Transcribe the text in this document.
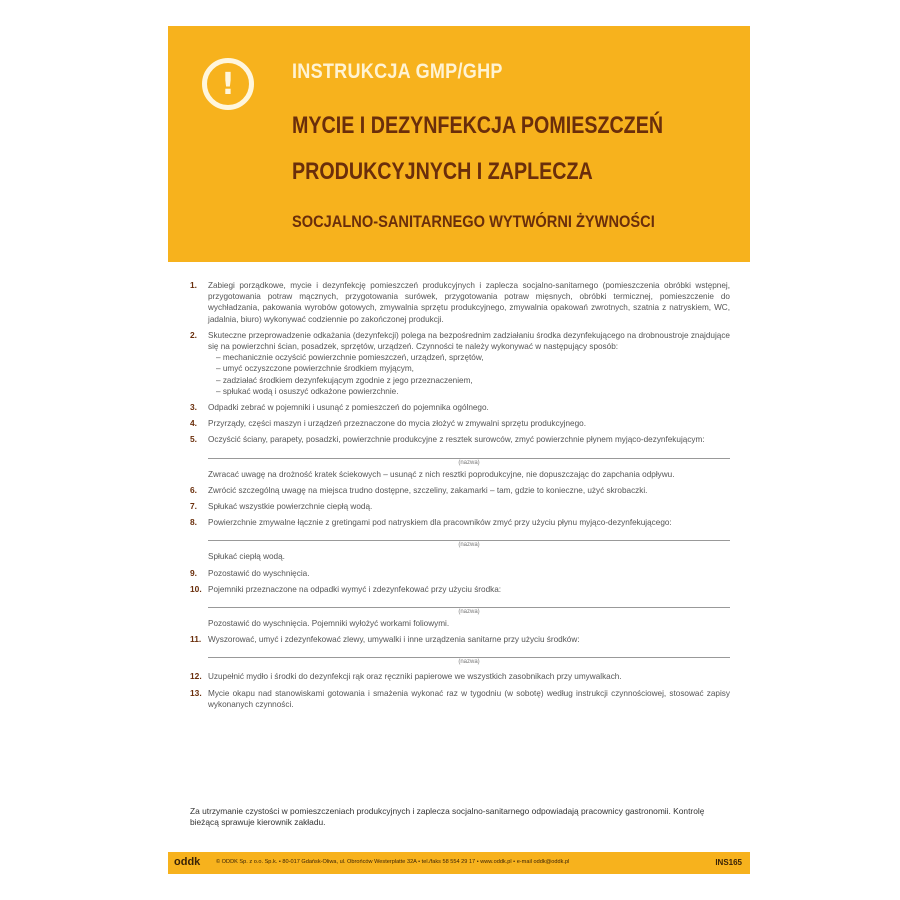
!	INSTRUKCJA GMP/GHP
MYCIE I DEZYNFEKCJA POMIESZCZEŃ
PRODUKCYJNYCH I ZAPLECZA
SOCJALNO-SANITARNEGO WYTWÓRNI ŻYWNOŚCI
1. Zabiegi porządkowe, mycie i dezynfekcję pomieszczeń produkcyjnych i zaplecza socjalno-sanitarnego (pomieszczenia obróbki wstępnej, przygotowania potraw mącznych, przygotowania surówek, przygotowania potraw mięsnych, obróbki termicznej, pomieszczenie do wychładzania, pakowania wyrobów gotowych, zmywalnia sprzętu produkcyjnego, zmywalnia opakowań zwrotnych, szatnia z natryskiem, WC, jadalnia, biuro) wykonywać codziennie po zakończonej produkcji.

2. Skuteczne przeprowadzenie odkażania (dezynfekcji) polega na bezpośrednim zadziałaniu środka dezynfekującego na drobnoustroje znajdujące się na powierzchni ścian, posadzek, sprzętów, urządzeń. Czynności te należy wykonywać w następujący sposób:

– mechanicznie oczyścić powierzchnie pomieszczeń, urządzeń, sprzętów,

– umyć oczyszczone powierzchnie środkiem myjącym,

– zadziałać środkiem dezynfekującym zgodnie z jego przeznaczeniem,

– spłukać wodą i osuszyć odkażone powierzchnie.

3. Odpadki zebrać w pojemniki i usunąć z pomieszczeń do pojemnika ogólnego.

4. Przyrządy, części maszyn i urządzeń przeznaczone do mycia złożyć w zmywalni sprzętu produkcyjnego.

5. Oczyścić ściany, parapety, posadzki, powierzchnie produkcyjne z resztek surowców, zmyć powierzchnie płynem myjąco-dezynfekującym:

(nazwa)

Zwracać uwagę na drożność kratek ściekowych – usunąć z nich resztki poprodukcyjne, nie dopuszczając do zapchania odpływu.

6. Zwrócić szczególną uwagę na miejsca trudno dostępne, szczeliny, zakamarki – tam, gdzie to konieczne, użyć skrobaczki.

7. Spłukać wszystkie powierzchnie ciepłą wodą.

8. Powierzchnie zmywalne łącznie z gretingami pod natryskiem dla pracowników zmyć przy użyciu płynu myjąco-dezynfekującego:

(nazwa)

Spłukać ciepłą wodą.

9. Pozostawić do wyschnięcia.

10. Pojemniki przeznaczone na odpadki wymyć i zdezynfekować przy użyciu środka:

(nazwa)

Pozostawić do wyschnięcia. Pojemniki wyłożyć workami foliowymi.

11. Wyszorować, umyć i zdezynfekować zlewy, umywalki i inne urządzenia sanitarne przy użyciu środków:

(nazwa)
12. Uzupełnić mydło i środki do dezynfekcji rąk oraz ręczniki papierowe we wszystkich zasobnikach przy umywalkach.

13. Mycie okapu nad stanowiskami gotowania i smażenia wykonać raz w tygodniu (w sobotę) według instrukcji czynnościowej, stosować zapisy wykonanych czynności.

Za utrzymanie czystości w pomieszczeniach produkcyjnych i zaplecza socjalno-sanitarnego odpowiadają pracownicy gastronomii. Kontrolę bieżącą sprawuje kierownik zakładu.
oddk	© ODDK Sp. z o.o. Sp.k. • 80-017 Gdańsk-Oliwa, ul. Obrońców Westerplatte 32A • tel./faks 58 554 29 17 • www.oddk.pl • e-mail oddk@oddk.pl	INS165
